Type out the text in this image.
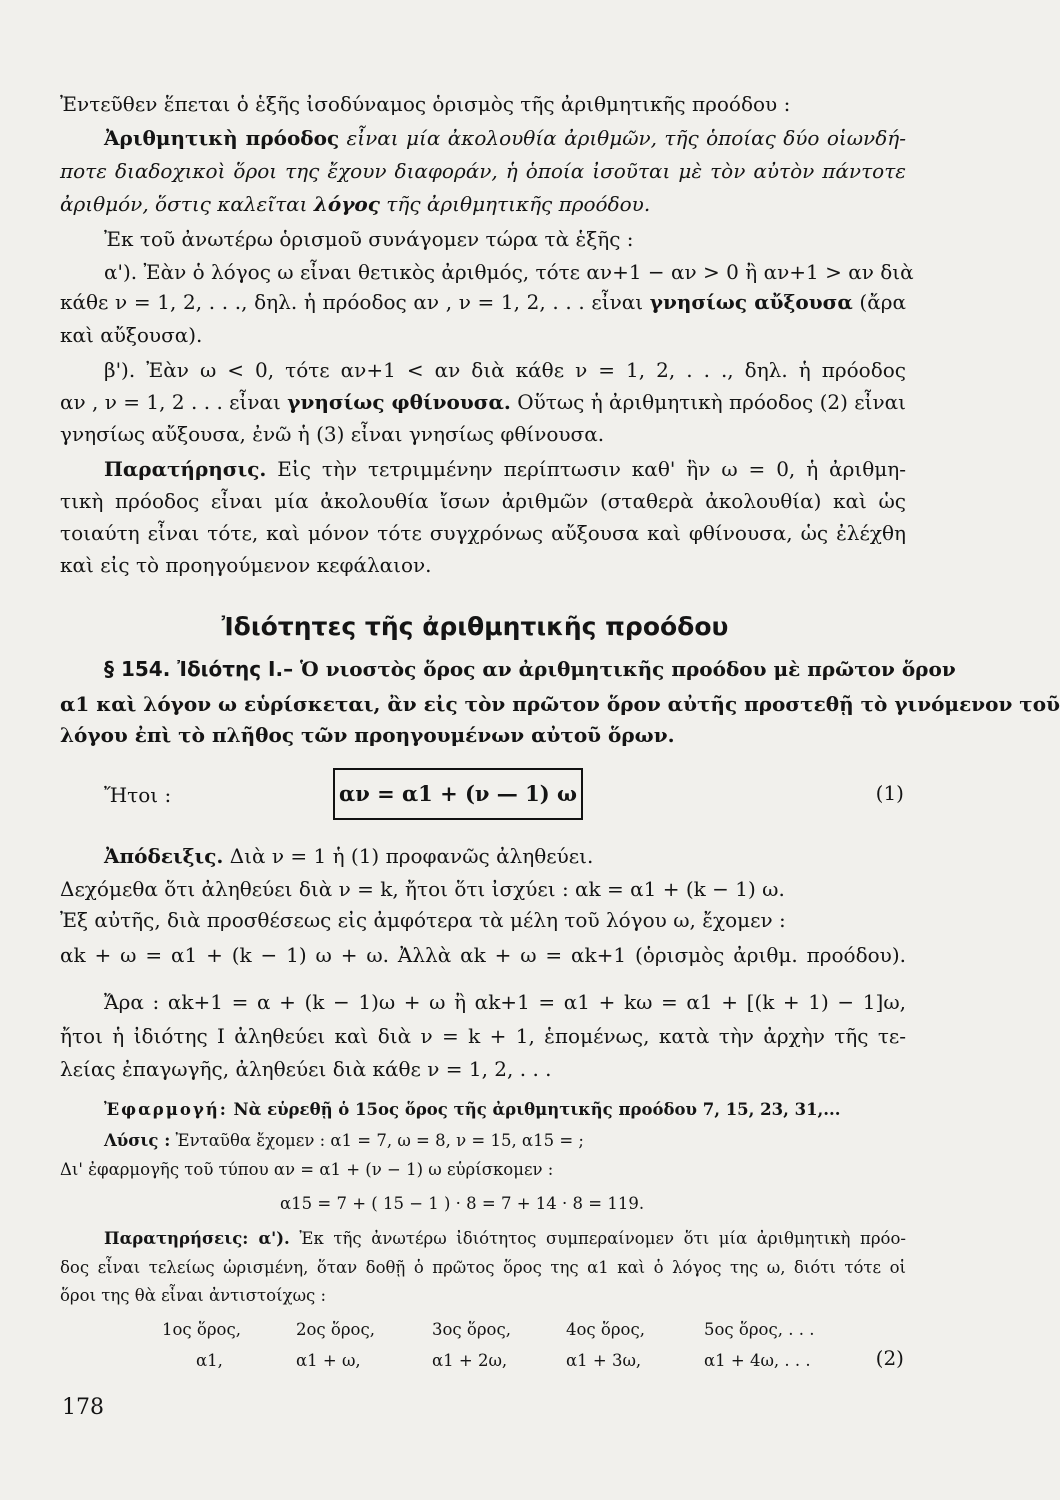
Ἐντεῦθεν ἕπεται ὁ ἑξῆς ἰσοδύναμος ὁρισμὸς τῆς ἀριθμητικῆς προόδου :
Ἀριθμητικὴ πρόοδος εἶναι μία ἀκολουθία ἀριθμῶν, τῆς ὁποίας δύο οἱωνδή-
ποτε διαδοχικοὶ ὅροι της ἔχουν διαφοράν, ἡ ὁποία ἰσοῦται μὲ τὸν αὐτὸν πάντοτε
ἀριθμόν, ὅστις καλεῖται λόγος τῆς ἀριθμητικῆς προόδου.
Ἐκ τοῦ ἀνωτέρω ὁρισμοῦ συνάγομεν τώρα τὰ ἑξῆς :
α'). Ἐὰν ὁ λόγος ω εἶναι θετικὸς ἀριθμός, τότε αν+1 − αν > 0 ἢ αν+1 > αν διὰ
κάθε ν = 1, 2, . . ., δηλ. ἡ πρόοδος αν , ν = 1, 2, . . . εἶναι γνησίως αὔξουσα (ἄρα
καὶ αὔξουσα).
β'). Ἐὰν ω < 0, τότε αν+1 < αν διὰ κάθε ν = 1, 2, . . ., δηλ. ἡ πρόοδος
αν , ν = 1, 2 . . . εἶναι γνησίως φθίνουσα. Οὕτως ἡ ἀριθμητικὴ πρόοδος (2) εἶναι
γνησίως αὔξουσα, ἐνῶ ἡ (3) εἶναι γνησίως φθίνουσα.
Παρατήρησις. Εἰς τὴν τετριμμένην περίπτωσιν καθ' ἣν ω = 0, ἡ ἀριθμη-
τικὴ πρόοδος εἶναι μία ἀκολουθία ἴσων ἀριθμῶν (σταθερὰ ἀκολουθία) καὶ ὡς
τοιαύτη εἶναι τότε, καὶ μόνον τότε συγχρόνως αὔξουσα καὶ φθίνουσα, ὡς ἐλέχθη
καὶ εἰς τὸ προηγούμενον κεφάλαιον.
Ἰδιότητες τῆς ἀριθμητικῆς προόδου
§ 154. Ἰδιότης Ι.– Ὁ νιοστὸς ὅρος αν ἀριθμητικῆς προόδου μὲ πρῶτον ὅρον
α1 καὶ λόγον ω εὑρίσκεται, ἂν εἰς τὸν πρῶτον ὅρον αὐτῆς προστεθῇ τὸ γινόμενον τοῦ
λόγου ἐπὶ τὸ πλῆθος τῶν προηγουμένων αὐτοῦ ὅρων.
Ἤτοι :	αν = α1 + (ν — 1) ω	(1)
Ἀπόδειξις. Διὰ ν = 1 ἡ (1) προφανῶς ἀληθεύει.
Δεχόμεθα ὅτι ἀληθεύει διὰ ν = k, ἤτοι ὅτι ἰσχύει : αk = α1 + (k − 1) ω.
Ἐξ αὐτῆς, διὰ προσθέσεως εἰς ἀμφότερα τὰ μέλη τοῦ λόγου ω, ἔχομεν :
αk + ω = α1 + (k − 1) ω + ω. Ἀλλὰ αk + ω = αk+1 (ὁρισμὸς ἀριθμ. προόδου).
Ἄρα : αk+1 = α + (k − 1)ω + ω ἢ αk+1 = α1 + kω = α1 + [(k + 1) − 1]ω,
ἤτοι ἡ ἰδιότης Ι ἀληθεύει καὶ διὰ ν = k + 1, ἑπομένως, κατὰ τὴν ἀρχὴν τῆς τε-
λείας ἐπαγωγῆς, ἀληθεύει διὰ κάθε ν = 1, 2, . . .
Ἐφαρμογή: Νὰ εὑρεθῇ ὁ 15ος ὅρος τῆς ἀριθμητικῆς προόδου 7, 15, 23, 31,...
Λύσις : Ἐνταῦθα ἔχομεν : α1 = 7, ω = 8, ν = 15, α15 = ;
Δι' ἐφαρμογῆς τοῦ τύπου αν = α1 + (ν − 1) ω εὑρίσκομεν :
α15 = 7 + ( 15 − 1 ) · 8 = 7 + 14 · 8 = 119.
Παρατηρήσεις: α'). Ἐκ τῆς ἀνωτέρω ἰδιότητος συμπεραίνομεν ὅτι μία ἀριθμητικὴ πρόο-
δος εἶναι τελείως ὡρισμένη, ὅταν δοθῇ ὁ πρῶτος ὅρος της α1 καὶ ὁ λόγος της ω, διότι τότε οἱ
ὅροι της θὰ εἶναι ἀντιστοίχως :
1ος ὅρος,	2ος ὅρος,	3ος ὅρος,	4ος ὅρος,	5ος ὅρος, . . .
α1,	α1 + ω,	α1 + 2ω,	α1 + 3ω,	α1 + 4ω, . . .	(2)
178
